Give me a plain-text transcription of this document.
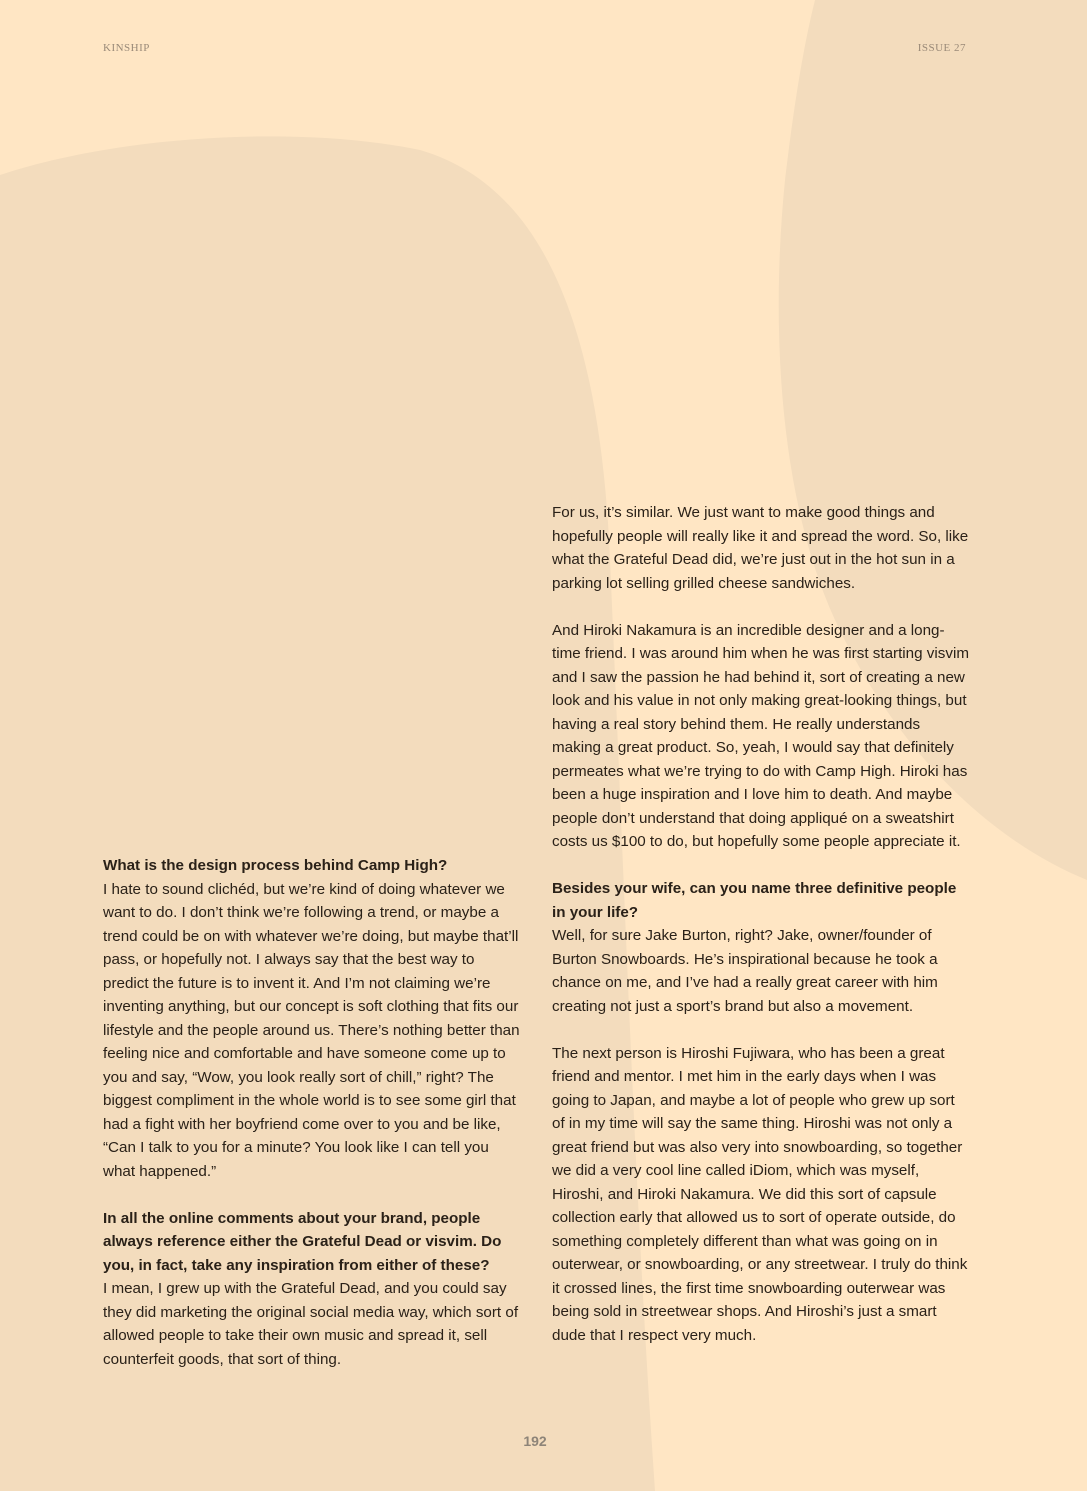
KINSHIP	ISSUE 27

What is the design process behind Camp High?

I hate to sound clichéd, but we’re kind of doing whatever we want to do. I don’t think we’re following a trend, or maybe a trend could be on with whatever we’re doing, but maybe that’ll pass, or hopefully not. I always say that the best way to predict the future is to invent it. And I’m not claiming we’re inventing anything, but our concept is soft clothing that fits our lifestyle and the people around us. There’s nothing better than feeling nice and comfortable and have someone come up to you and say, “Wow, you look really sort of chill,” right? The biggest compliment in the whole world is to see some girl that had a fight with her boyfriend come over to you and be like, “Can I talk to you for a minute? You look like I can tell you what happened.”

In all the online comments about your brand, people always reference either the Grateful Dead or visvim. Do you, in fact, take any inspiration from either of these?

I mean, I grew up with the Grateful Dead, and you could say they did marketing the original social media way, which sort of allowed people to take their own music and spread it, sell counterfeit goods, that sort of thing.

For us, it’s similar. We just want to make good things and hopefully people will really like it and spread the word. So, like what the Grateful Dead did, we’re just out in the hot sun in a parking lot selling grilled cheese sandwiches.

And Hiroki Nakamura is an incredible designer and a long-time friend. I was around him when he was first starting visvim and I saw the passion he had behind it, sort of creating a new look and his value in not only making great-looking things, but having a real story behind them. He really understands making a great product. So, yeah, I would say that definitely permeates what we’re trying to do with Camp High. Hiroki has been a huge inspiration and I love him to death. And maybe people don’t understand that doing appliqué on a sweatshirt costs us $100 to do, but hopefully some people appreciate it.

Besides your wife, can you name three definitive people in your life?

Well, for sure Jake Burton, right? Jake, owner/founder of Burton Snowboards. He’s inspirational because he took a chance on me, and I’ve had a really great career with him creating not just a sport’s brand but also a movement.

The next person is Hiroshi Fujiwara, who has been a great friend and mentor. I met him in the early days when I was going to Japan, and maybe a lot of people who grew up sort of in my time will say the same thing. Hiroshi was not only a great friend but was also very into snowboarding, so together we did a very cool line called iDiom, which was myself, Hiroshi, and Hiroki Nakamura. We did this sort of capsule collection early that allowed us to sort of operate outside, do something completely different than what was going on in outerwear, or snowboarding, or any streetwear. I truly do think it crossed lines, the first time snowboarding outerwear was being sold in streetwear shops. And Hiroshi’s just a smart dude that I respect very much.

192
